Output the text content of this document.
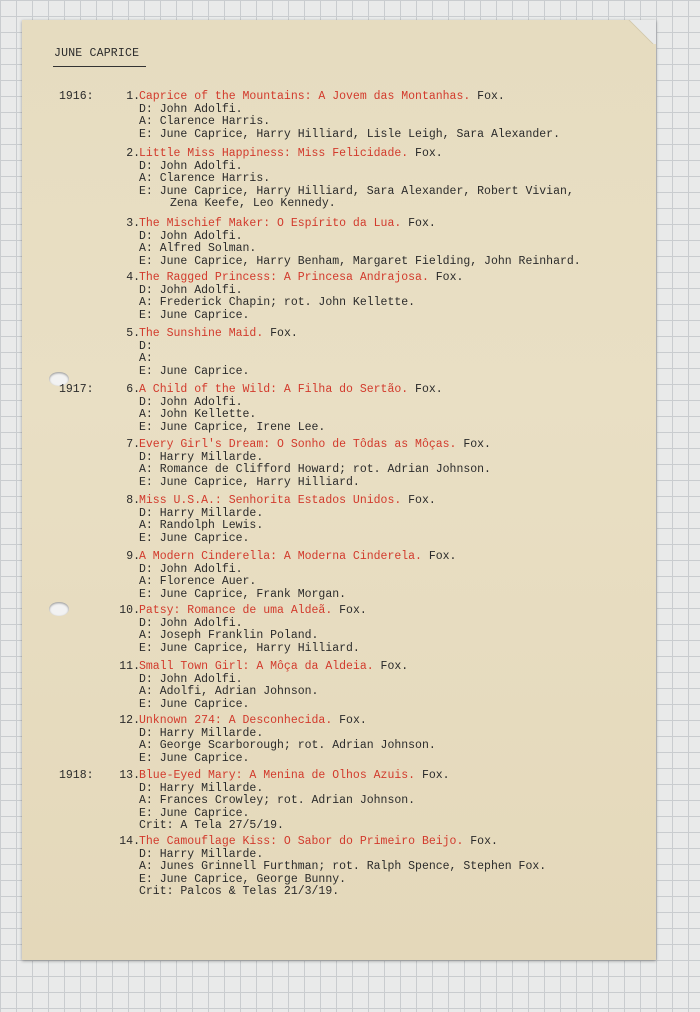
JUNE CAPRICE
1916:	1. Caprice of the Mountains: A Jovem das Montanhas. Fox.
D: John Adolfi.
A: Clarence Harris.
E: June Caprice, Harry Hilliard, Lisle Leigh, Sara Alexander.
2. Little Miss Happiness: Miss Felicidade. Fox.
D: John Adolfi.
A: Clarence Harris.
E: June Caprice, Harry Hilliard, Sara Alexander, Robert Vivian,
Zena Keefe, Leo Kennedy.
3. The Mischief Maker: O Espírito da Lua. Fox.
D: John Adolfi.
A: Alfred Solman.
E: June Caprice, Harry Benham, Margaret Fielding, John Reinhard.
4. The Ragged Princess: A Princesa Andrajosa. Fox.
D: John Adolfi.
A: Frederick Chapin; rot. John Kellette.
E: June Caprice.
5. The Sunshine Maid. Fox.
D:
A:
E: June Caprice.
1917:	6. A Child of the Wild: A Filha do Sertão. Fox.
D: John Adolfi.
A: John Kellette.
E: June Caprice, Irene Lee.
7. Every Girl's Dream: O Sonho de Tôdas as Môças. Fox.
D: Harry Millarde.
A: Romance de Clifford Howard; rot. Adrian Johnson.
E: June Caprice, Harry Hilliard.
8. Miss U.S.A.: Senhorita Estados Unidos. Fox.
D: Harry Millarde.
A: Randolph Lewis.
E: June Caprice.
9. A Modern Cinderella: A Moderna Cinderela. Fox.
D: John Adolfi.
A: Florence Auer.
E: June Caprice, Frank Morgan.
10. Patsy: Romance de uma Aldeã. Fox.
D: John Adolfi.
A: Joseph Franklin Poland.
E: June Caprice, Harry Hilliard.
11. Small Town Girl: A Môça da Aldeia. Fox.
D: John Adolfi.
A: Adolfi, Adrian Johnson.
E: June Caprice.
12. Unknown 274: A Desconhecida. Fox.
D: Harry Millarde.
A: George Scarborough; rot. Adrian Johnson.
E: June Caprice.
1918:	13. Blue-Eyed Mary: A Menina de Olhos Azuis. Fox.
D: Harry Millarde.
A: Frances Crowley; rot. Adrian Johnson.
E: June Caprice.
Crit: A Tela 27/5/19.
14. The Camouflage Kiss: O Sabor do Primeiro Beijo. Fox.
D: Harry Millarde.
A: Junes Grinnell Furthman; rot. Ralph Spence, Stephen Fox.
E: June Caprice, George Bunny.
Crit: Palcos & Telas 21/3/19.
